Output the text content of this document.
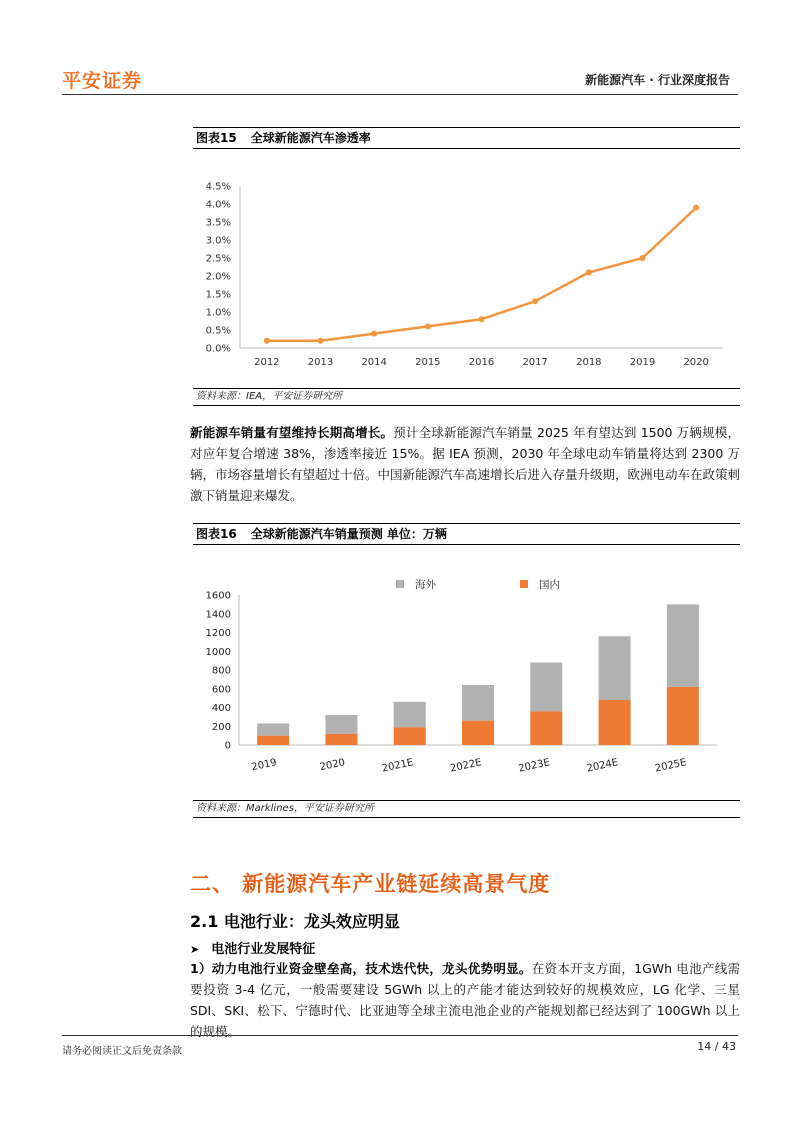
平安证券	新能源汽车 · 行业深度报告
图表15 全球新能源汽车渗透率
0.0%
0.5%
1.0%
1.5%
2.0%
2.5%
3.0%
3.5%
4.0%
4.5%
2012	2013	2014	2015	2016	2017	2018	2019	2020
资料来源：IEA，平安证券研究所
新能源车销量有望维持长期高增长。预计全球新能源汽车销量 2025 年有望达到 1500 万辆规模，对应年复合增速 38%，渗透率接近 15%。据 IEA 预测，2030 年全球电动车销量将达到 2300 万辆，市场容量增长有望超过十倍。中国新能源汽车高速增长后进入存量升级期，欧洲电动车在政策刺激下销量迎来爆发。
图表16 全球新能源汽车销量预测 单位：万辆
0
200
400
600
800
1000
1200
1400
1600
2019	2020	2021E	2022E	2023E	2024E	2025E
海外	国内
资料来源：Marklines，平安证券研究所
二、 新能源汽车产业链延续高景气度
2.1 电池行业：龙头效应明显
➤ 电池行业发展特征
1）动力电池行业资金壁垒高，技术迭代快，龙头优势明显。在资本开支方面，1GWh 电池产线需要投资 3-4 亿元，一般需要建设 5GWh 以上的产能才能达到较好的规模效应，LG 化学、三星 SDI、SKI、松下、宁德时代、比亚迪等全球主流电池企业的产能规划都已经达到了 100GWh 以上的规模。
请务必阅读正文后免责条款	14 / 43
